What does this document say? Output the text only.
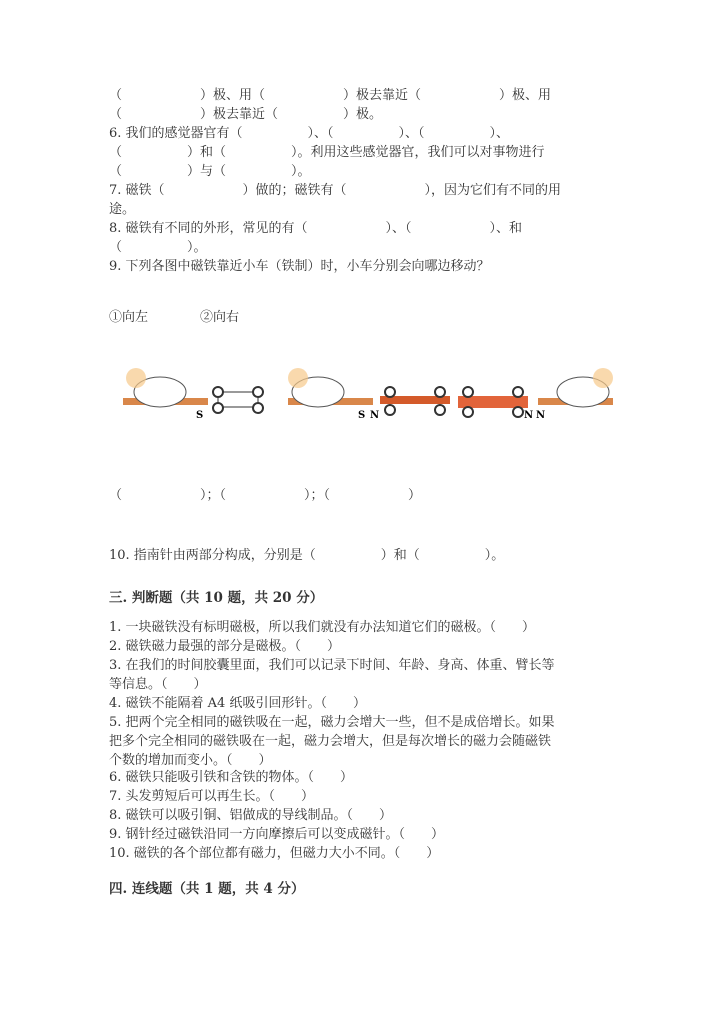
（　　　　　　）极、用（　　　　　　）极去靠近（　　　　　　）极、用
（　　　　　　）极去靠近（　　　　　）极。
6. 我们的感觉器官有（　　　　　）、（　　　　　）、（　　　　　）、
（　　　　　）和（　　　　　）。利用这些感觉器官，我们可以对事物进行
（　　　　　）与（　　　　　）。
7. 磁铁（　　　　　　）做的；磁铁有（　　　　　　），因为它们有不同的用
途。
8. 磁铁有不同的外形，常见的有（　　　　　　）、（　　　　　　）、和
（　　　　　）。
9. 下列各图中磁铁靠近小车（铁制）时，小车分别会向哪边移动？
①向左　　　　②向右
S	S N	N N
（　　　　　　）；（　　　　　　）；（　　　　　　）
10. 指南针由两部分构成，分别是（　　　　　）和（　　　　　）。
三. 判断题（共 10 题，共 20 分）
1. 一块磁铁没有标明磁极，所以我们就没有办法知道它们的磁极。（　　）
2. 磁铁磁力最强的部分是磁极。（　　）
3. 在我们的时间胶囊里面，我们可以记录下时间、年龄、身高、体重、臂长等
等信息。（　　）
4. 磁铁不能隔着 A4 纸吸引回形针。（　　）
5. 把两个完全相同的磁铁吸在一起，磁力会增大一些，但不是成倍增长。如果
把多个完全相同的磁铁吸在一起，磁力会增大，但是每次增长的磁力会随磁铁
个数的增加而变小。（　　）
6. 磁铁只能吸引铁和含铁的物体。（　　）
7. 头发剪短后可以再生长。（　　）
8. 磁铁可以吸引铜、铝做成的导线制品。（　　）
9. 钢针经过磁铁沿同一方向摩擦后可以变成磁针。（　　）
10. 磁铁的各个部位都有磁力，但磁力大小不同。（　　）
四. 连线题（共 1 题，共 4 分）
